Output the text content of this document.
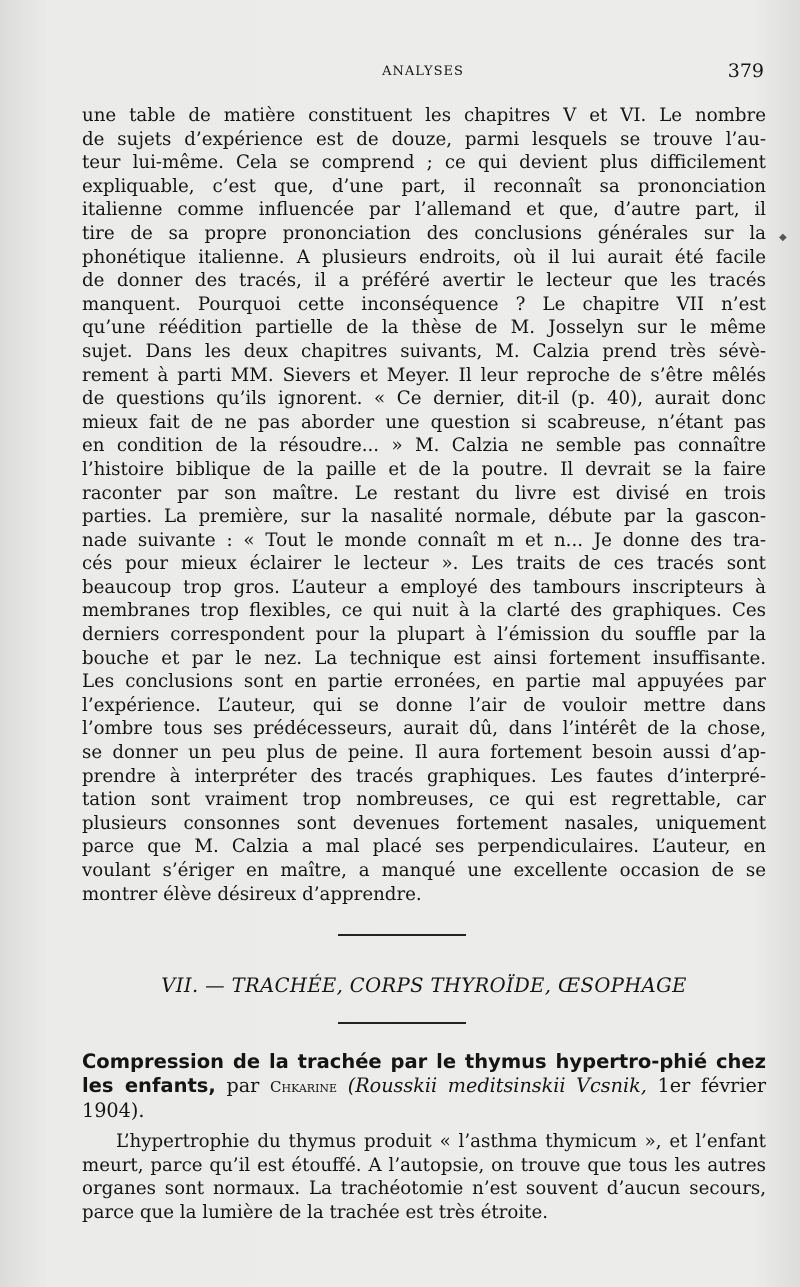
ANALYSES	379

une table de matière constituent les chapitres V et VI. Le nombre

de sujets d’expérience est de douze, parmi lesquels se trouve l’au-

teur lui-même. Cela se comprend ; ce qui devient plus difficilement

expliquable, c’est que, d’une part, il reconnaît sa prononciation

italienne comme influencée par l’allemand et que, d’autre part, il

tire de sa propre prononciation des conclusions générales sur la

phonétique italienne. A plusieurs endroits, où il lui aurait été facile

de donner des tracés, il a préféré avertir le lecteur que les tracés

manquent. Pourquoi cette inconséquence ? Le chapitre VII n’est

qu’une réédition partielle de la thèse de M. Josselyn sur le même

sujet. Dans les deux chapitres suivants, M. Calzia prend très sévè-

rement à parti MM. Sievers et Meyer. Il leur reproche de s’être mêlés

de questions qu’ils ignorent. « Ce dernier, dit-il (p. 40), aurait donc

mieux fait de ne pas aborder une question si scabreuse, n’étant pas

en condition de la résoudre... » M. Calzia ne semble pas connaître

l’histoire biblique de la paille et de la poutre. Il devrait se la faire

raconter par son maître. Le restant du livre est divisé en trois

parties. La première, sur la nasalité normale, débute par la gascon-

nade suivante : « Tout le monde connaît m et n... Je donne des tra-

cés pour mieux éclairer le lecteur ». Les traits de ces tracés sont

beaucoup trop gros. L’auteur a employé des tambours inscripteurs à

membranes trop flexibles, ce qui nuit à la clarté des graphiques. Ces

derniers correspondent pour la plupart à l’émission du souffle par la

bouche et par le nez. La technique est ainsi fortement insuffisante.

Les conclusions sont en partie erronées, en partie mal appuyées par

l’expérience. L’auteur, qui se donne l’air de vouloir mettre dans

l’ombre tous ses prédécesseurs, aurait dû, dans l’intérêt de la chose,

se donner un peu plus de peine. Il aura fortement besoin aussi d’ap-

prendre à interpréter des tracés graphiques. Les fautes d’interpré-

tation sont vraiment trop nombreuses, ce qui est regrettable, car

plusieurs consonnes sont devenues fortement nasales, uniquement

parce que M. Calzia a mal placé ses perpendiculaires. L’auteur, en

voulant s’ériger en maître, a manqué une excellente occasion de se

montrer élève désireux d’apprendre.

◆
VII. — TRACHÉE, CORPS THYROÏDE, ŒSOPHAGE
Compression de la trachée par le thymus hypertro-phié chez les enfants, par Chkarine (Rousskii meditsinskii Vcsnik, 1er février 1904).

L’hypertrophie du thymus produit « l’asthma thymicum », et l’enfant meurt, parce qu’il est étouffé. A l’autopsie, on trouve que tous les autres organes sont normaux. La trachéotomie n’est souvent d’aucun secours, parce que la lumière de la trachée est très étroite.
